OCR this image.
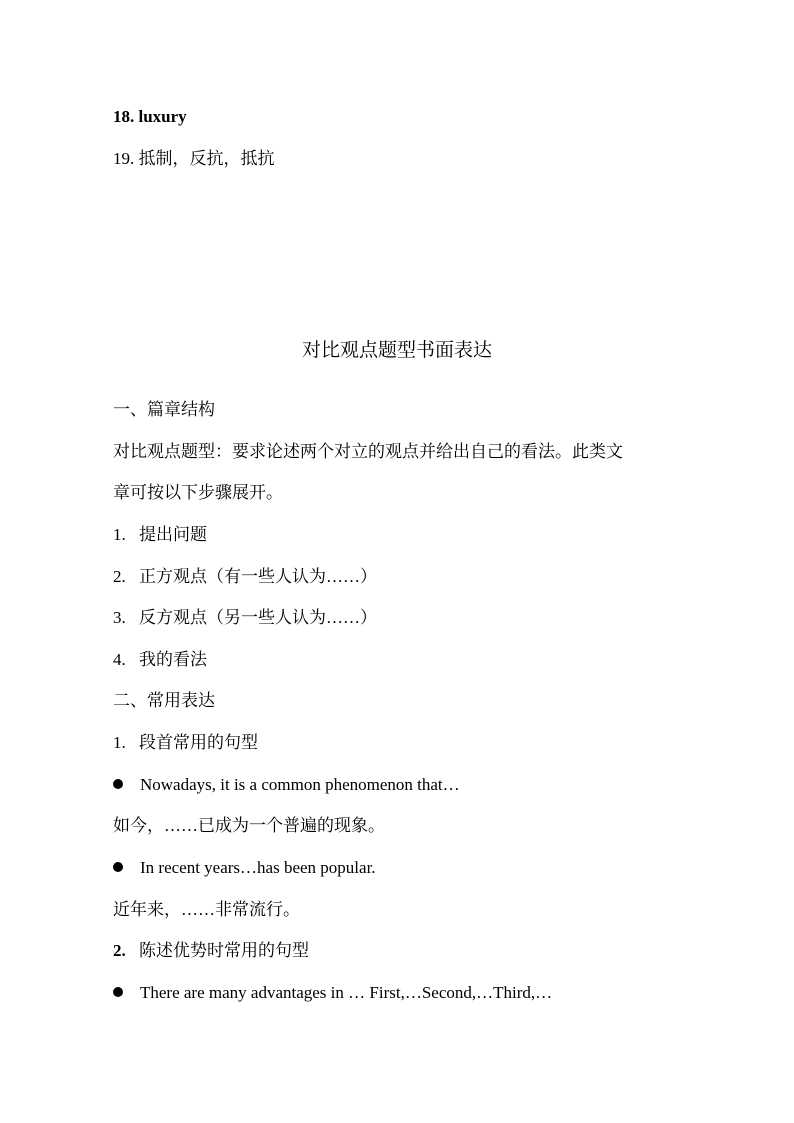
18. luxury
19. 抵制，反抗，抵抗
对比观点题型书面表达
一、篇章结构
对比观点题型：要求论述两个对立的观点并给出自己的看法。此类文
章可按以下步骤展开。
1. 提出问题
2. 正方观点（有一些人认为……）
3. 反方观点（另一些人认为……）
4. 我的看法
二、常用表达
1. 段首常用的句型
Nowadays, it is a common phenomenon that…
如今，……已成为一个普遍的现象。
In recent years…has been popular.
近年来，……非常流行。
2. 陈述优势时常用的句型
There are many advantages in … First,…Second,…Third,…
